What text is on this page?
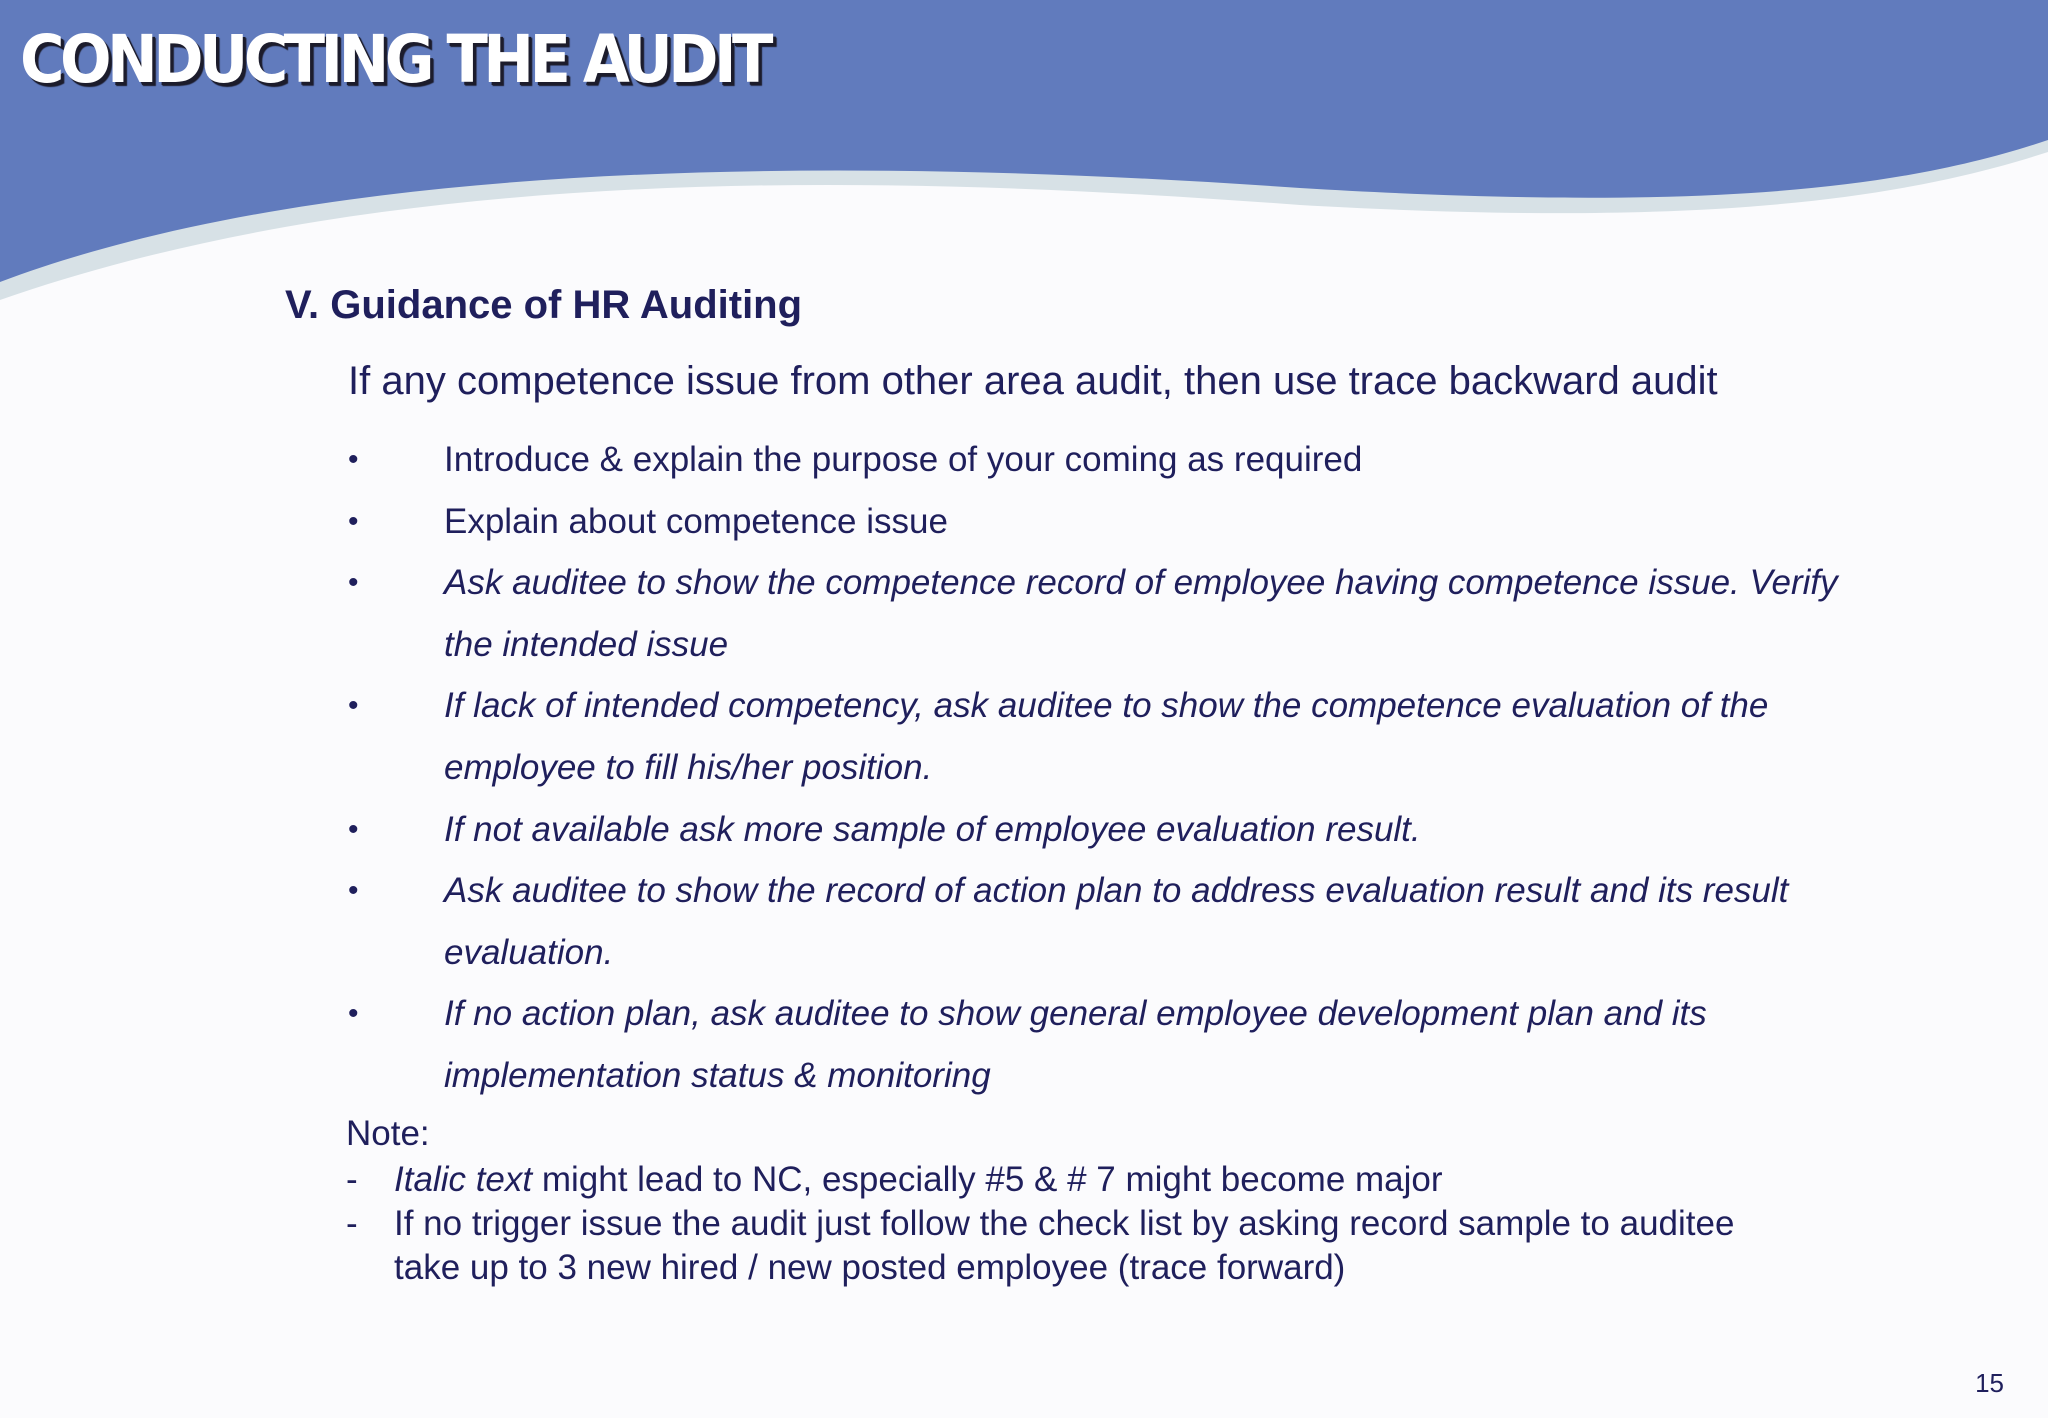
CONDUCTING THE AUDIT
V. Guidance of HR Auditing

If any competence issue from other area audit, then use trace backward audit

• Introduce & explain the purpose of your coming as required
• Explain about competence issue
• Ask auditee to show the competence record of employee having competence issue. Verify the intended issue
• If lack of intended competency, ask auditee to show the competence evaluation of the employee to fill his/her position.
• If not available ask more sample of employee evaluation result.
• Ask auditee to show the record of action plan to address evaluation result and its result evaluation.
• If no action plan, ask auditee to show general employee development plan and its implementation status & monitoring
Note:
- Italic text might lead to NC, especially #5 & # 7 might become major
- If no trigger issue the audit just follow the check list by asking record sample to auditee take up to 3 new hired / new posted employee (trace forward)
15
